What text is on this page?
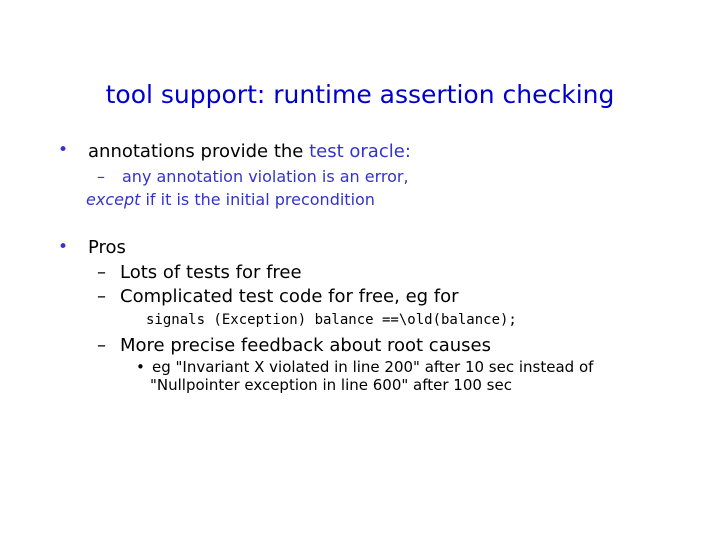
tool support: runtime assertion checking
• annotations provide the test oracle:
– any annotation violation is an error,
except if it is the initial precondition
• Pros
– Lots of tests for free
– Complicated test code for free, eg for
signals (Exception) balance ==\old(balance);
– More precise feedback about root causes
• eg "Invariant X violated in line 200" after 10 sec instead of
"Nullpointer exception in line 600" after 100 sec
